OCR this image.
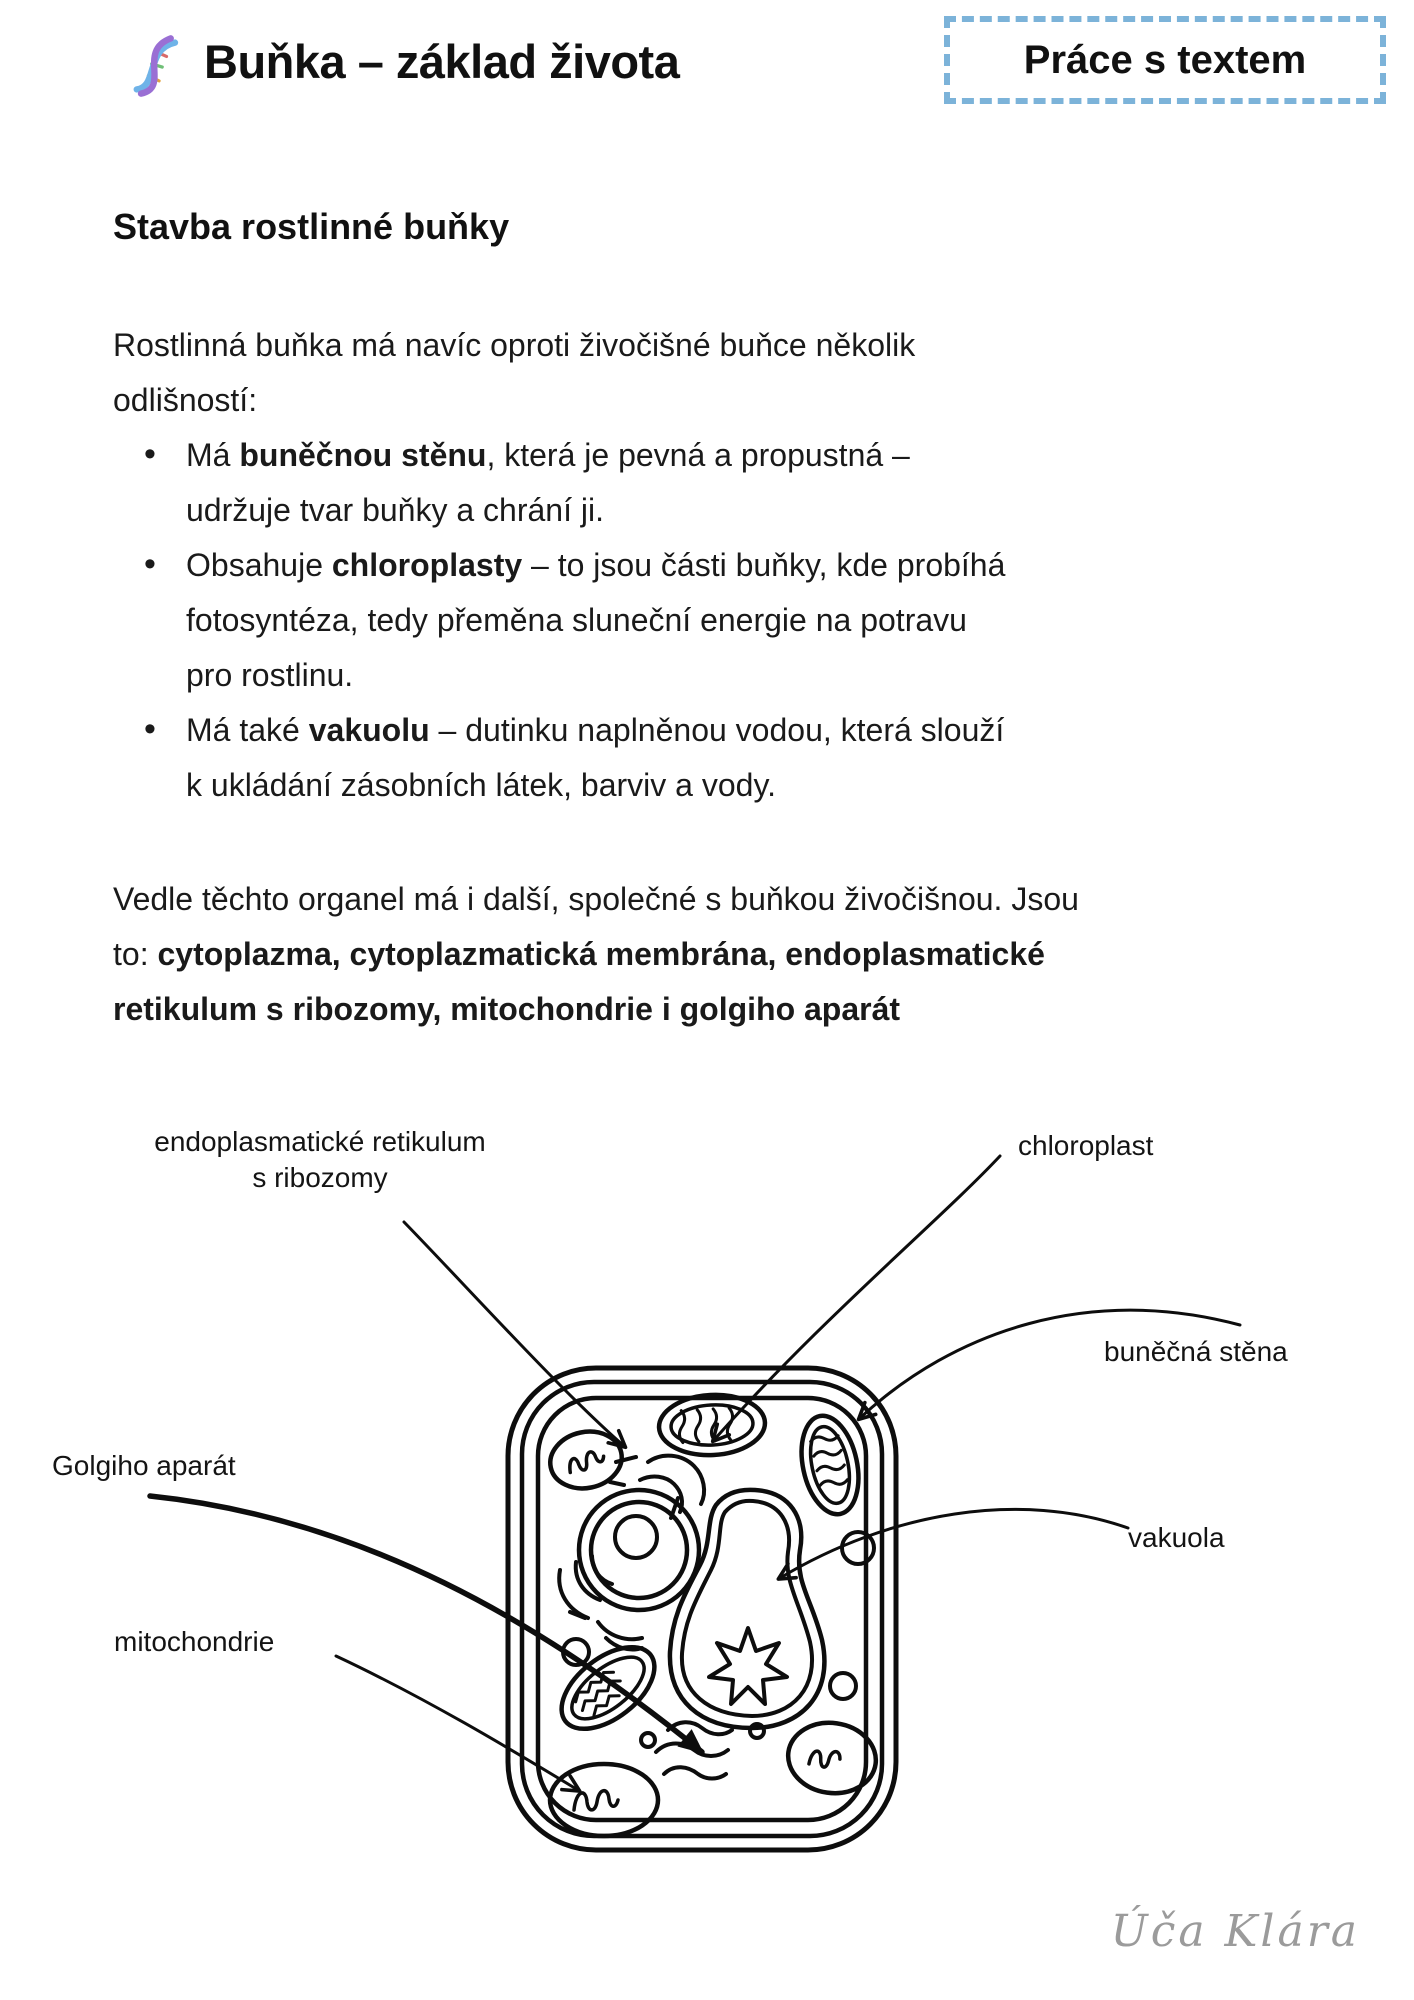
Buňka – základ života	Práce s textem
Stavba rostlinné buňky
Rostlinná buňka má navíc oproti živočišné buňce několik odlišností:
• Má buněčnou stěnu, která je pevná a propustná – udržuje tvar buňky a chrání ji.
• Obsahuje chloroplasty – to jsou části buňky, kde probíhá fotosyntéza, tedy přeměna sluneční energie na potravu pro rostlinu.
• Má také vakuolu – dutinku naplněnou vodou, která slouží k ukládání zásobních látek, barviv a vody.
Vedle těchto organel má i další, společné s buňkou živočišnou. Jsou to: cytoplazma, cytoplazmatická membrána, endoplasmatické retikulum s ribozomy, mitochondrie i golgiho aparát
endoplasmatické retikulum
s ribozomy
chloroplast
buněčná stěna
Golgiho aparát
vakuola
mitochondrie
Úča Klára
